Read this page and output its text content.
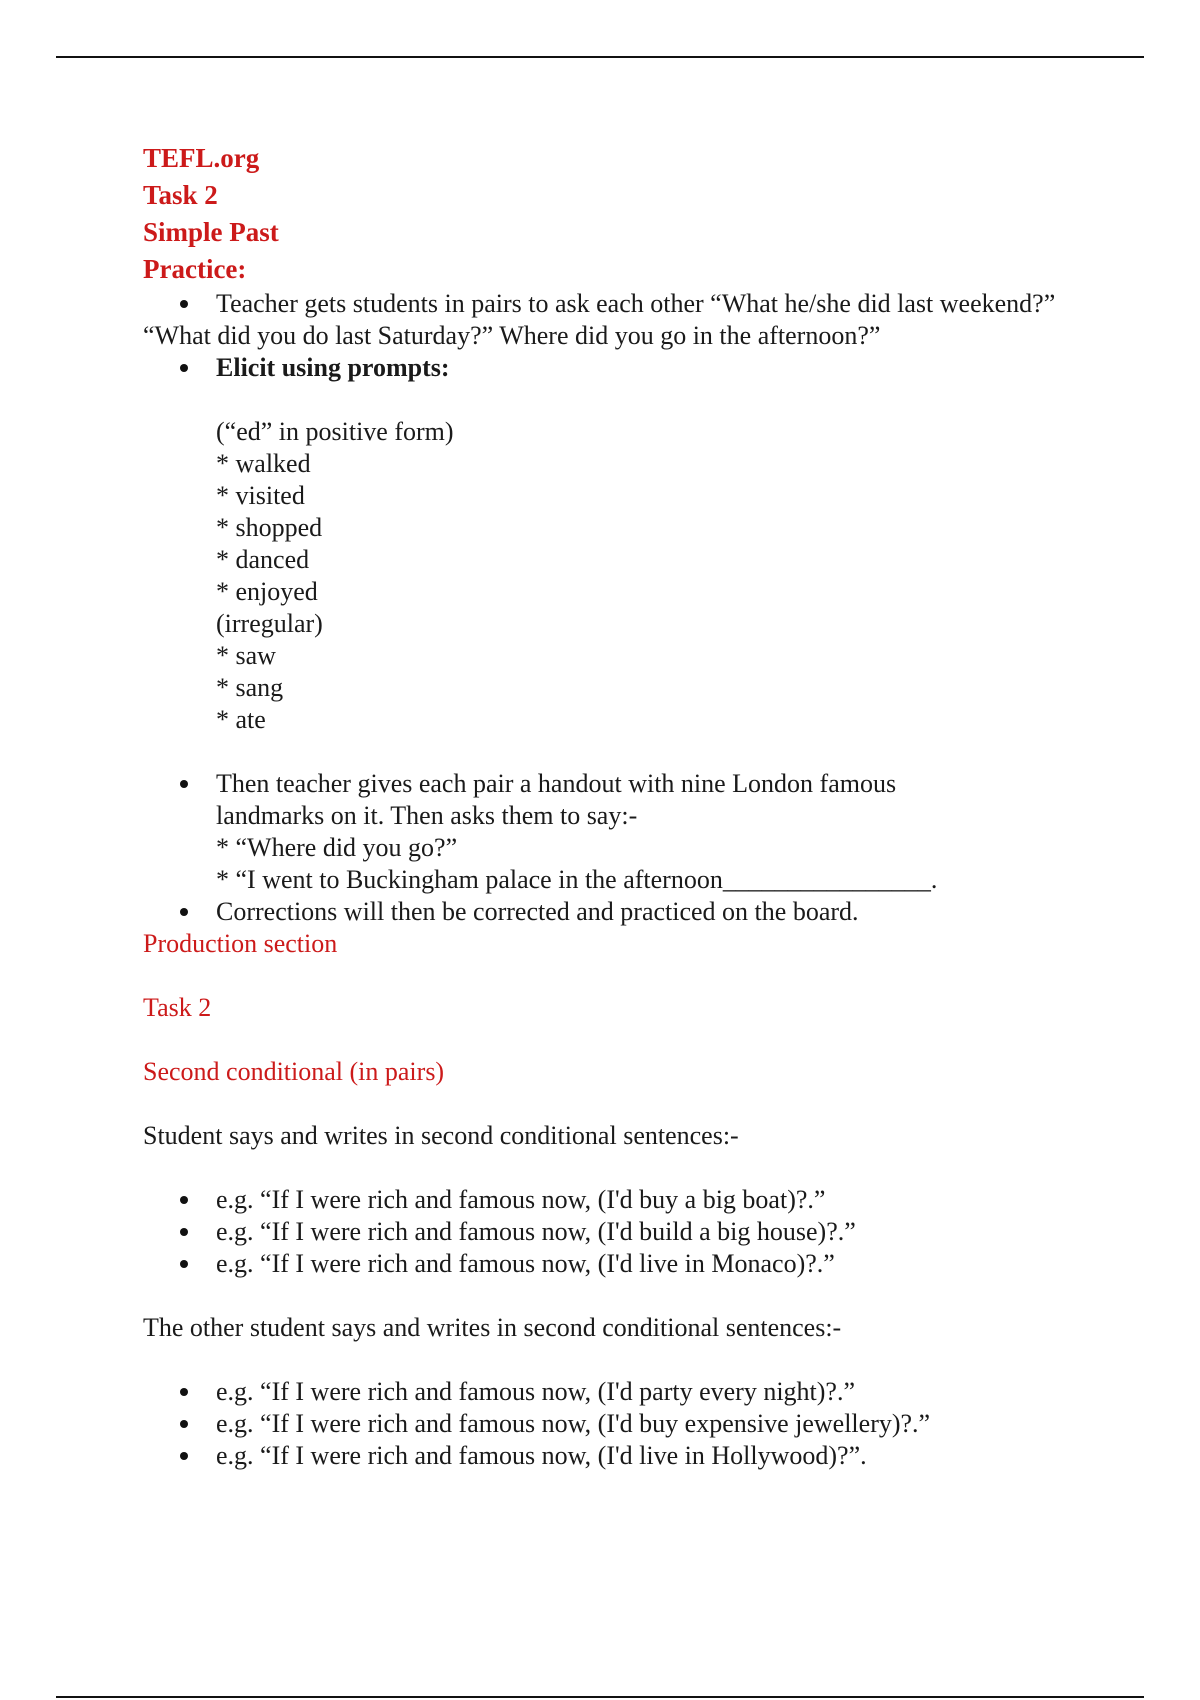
TEFL.org

Task 2

Simple Past

Practice:

Teacher gets students in pairs to ask each other “What he/she did last weekend?”

“What did you do last Saturday?” Where did you go in the afternoon?”

Elicit using prompts:

(“ed” in positive form)

* walked

* visited

* shopped

* danced

* enjoyed

(irregular)

* saw

* sang

* ate

Then teacher gives each pair a handout with nine London famous
landmarks on it. Then asks them to say:-
* “Where did you go?”
* “I went to Buckingham palace in the afternoon________________.
Corrections will then be corrected and practiced on the board.

Production section

Task 2

Second conditional (in pairs)

Student says and writes in second conditional sentences:-

e.g. “If I were rich and famous now, (I'd buy a big boat)?.”
e.g. “If I were rich and famous now, (I'd build a big house)?.”
e.g. “If I were rich and famous now, (I'd live in Monaco)?.”

The other student says and writes in second conditional sentences:-

e.g. “If I were rich and famous now, (I'd party every night)?.”
e.g. “If I were rich and famous now, (I'd buy expensive jewellery)?.”
e.g. “If I were rich and famous now, (I'd live in Hollywood)?”.
